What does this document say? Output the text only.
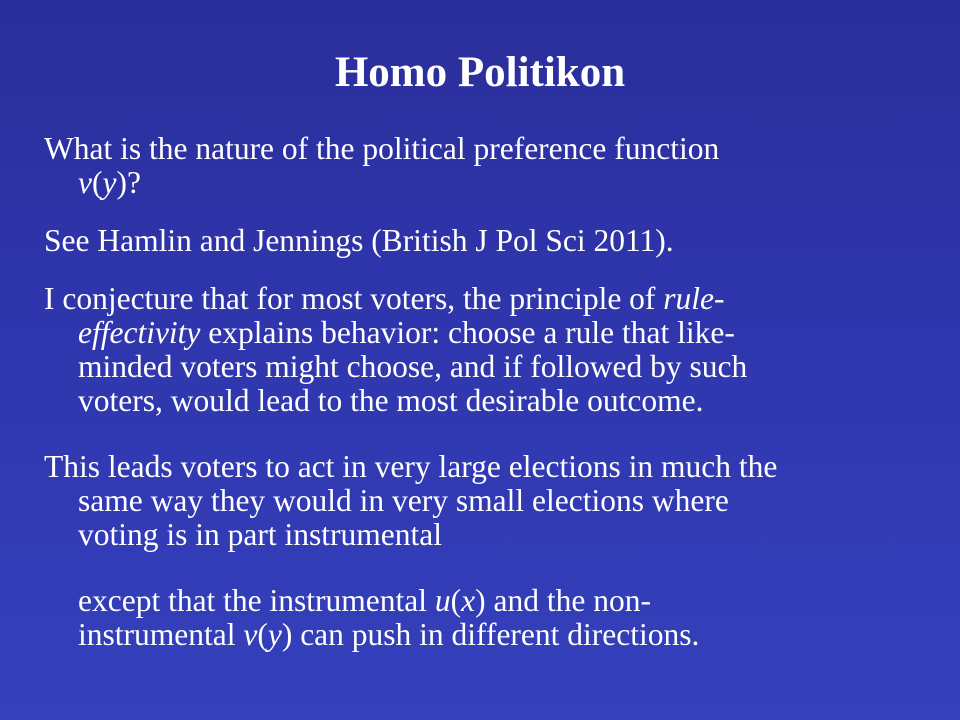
Homo Politikon
What is the nature of the political preference function
v(y)?
See Hamlin and Jennings (British J Pol Sci 2011).
I conjecture that for most voters, the principle of rule-
effectivity explains behavior: choose a rule that like-
minded voters might choose, and if followed by such
voters, would lead to the most desirable outcome.
This leads voters to act in very large elections in much the
same way they would in very small elections where
voting is in part instrumental
except that the instrumental u(x) and the non-
instrumental v(y) can push in different directions.
